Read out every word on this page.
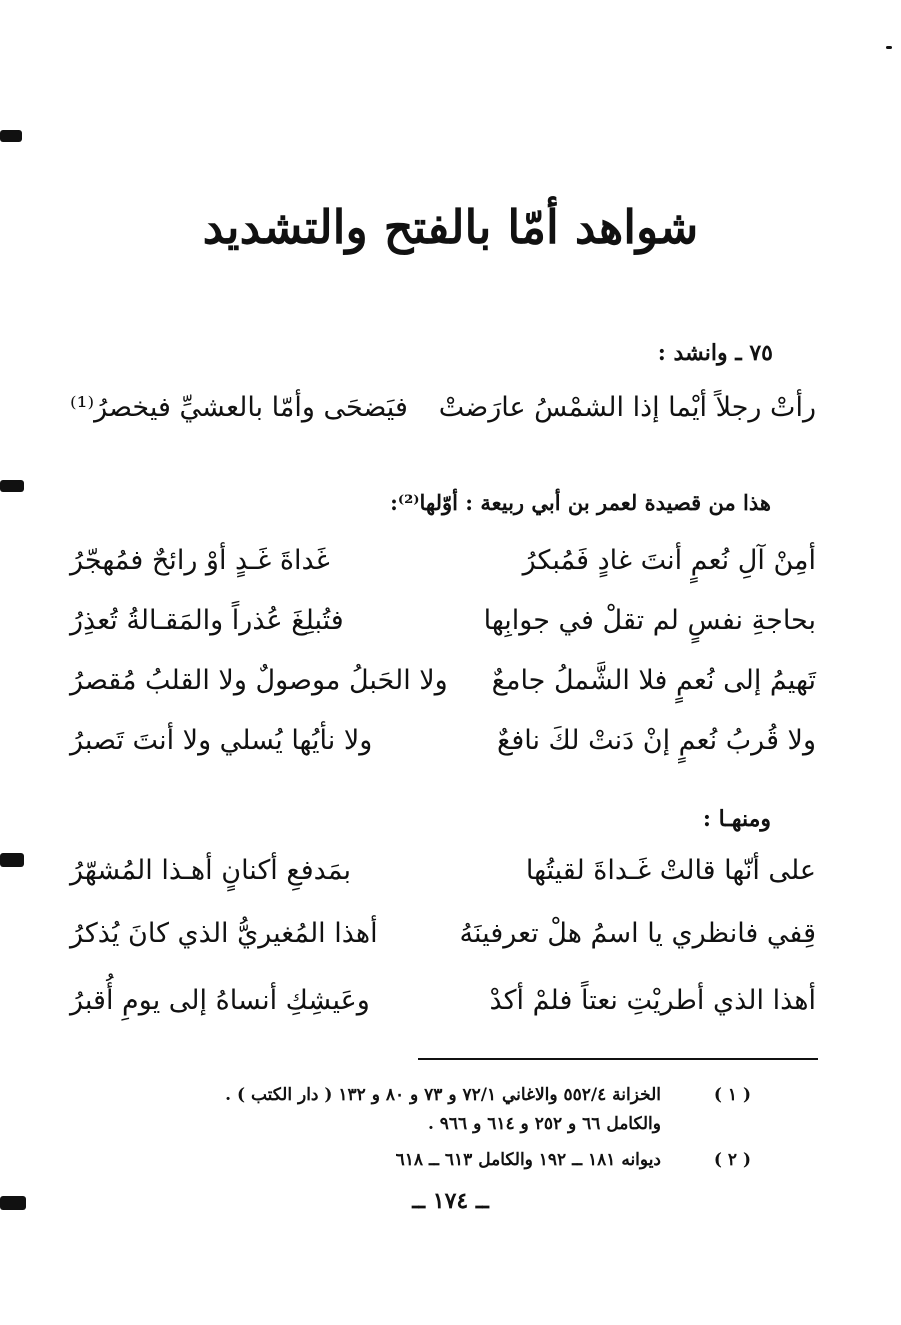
شواهد أمّا بالفتح والتشديد
٧٥ ـ وانشد :
رأتْ رجلاً أيْما إذا الشمْسُ عارَضتْ
فيَضحَى وأمّا بالعشيِّ فيخصرُ⁽¹⁾
هذا من قصيدة لعمر بن أبي ربيعة : أوّلها⁽²⁾:
أمِنْ آلِ نُعمٍ أنتَ غادٍ فَمُبكرُ
غَداةَ غَـدٍ أوْ رائحٌ فمُهجّرُ
بحاجةِ نفسٍ لم تقلْ في جوابِها
فتُبلِغَ عُذراً والمَقـالةُ تُعذِرُ
تَهيمُ إلى نُعمٍ فلا الشَّملُ جامعٌ
ولا الحَبلُ موصولٌ ولا القلبُ مُقصرُ
ولا قُربُ نُعمٍ إنْ دَنتْ لكَ نافعٌ
ولا نأيُها يُسلي ولا أنتَ تَصبرُ
ومنهـا :
على أنّها قالتْ غَـداةَ لقيتُها
بمَدفعِ أكنانٍ أهـذا المُشهّرُ
قِفي فانظري يا اسمُ هلْ تعرفينَهُ
أهذا المُغيريُّ الذي كانَ يُذكرُ
أهذا الذي أطريْتِ نعتاً فلمْ أكدْ
وعَيشِكِ أنساهُ إلى يومِ أُقبرُ
( ١ )
الخزانة ٥٥٢/٤ والاغاني ٧٢/١ و ٧٣ و ٨٠ و ١٣٢ ( دار الكتب ) .
والكامل ٦٦ و ٢٥٢ و ٦١٤ و ٩٦٦ .
( ٢ )
ديوانه ١٨١ ــ ١٩٢ والكامل ٦١٣ ــ ٦١٨
ــ ١٧٤ ــ
